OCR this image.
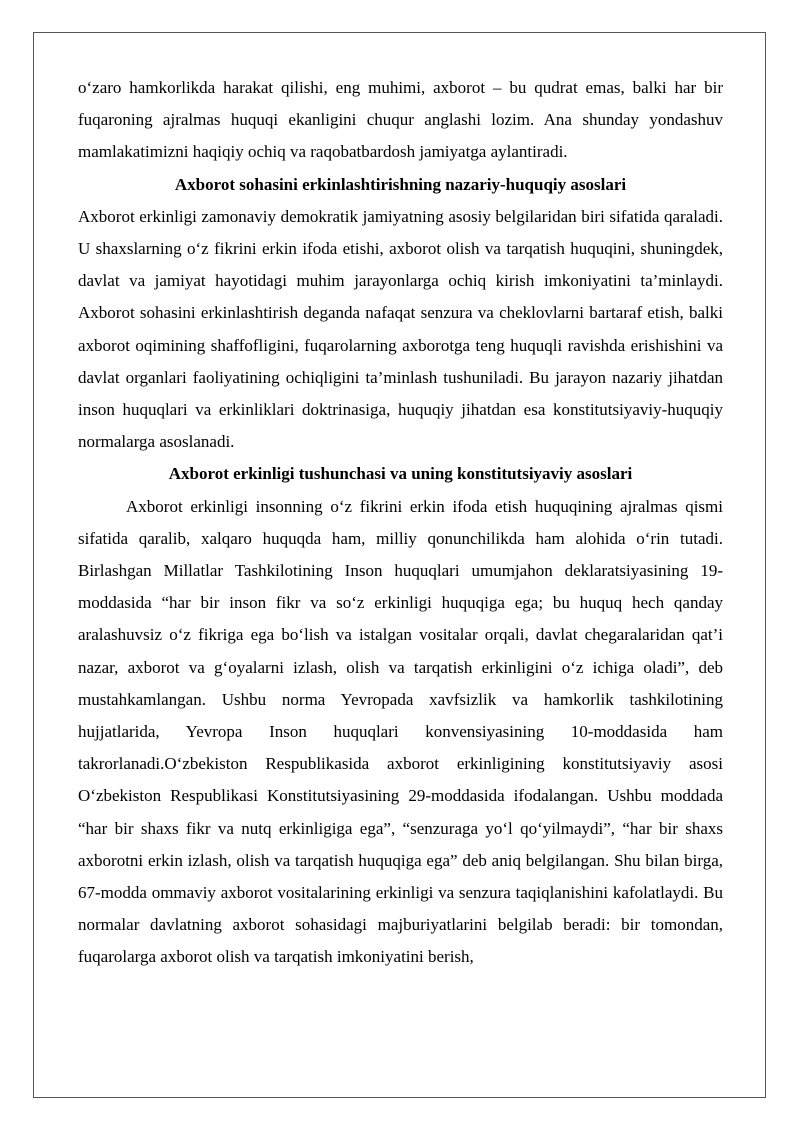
o‘zaro hamkorlikda harakat qilishi, eng muhimi, axborot – bu qudrat emas, balki har bir fuqaroning ajralmas huquqi ekanligini chuqur anglashi lozim. Ana shunday yondashuv mamlakatimizni haqiqiy ochiq va raqobatbardosh jamiyatga aylantiradi.

Axborot sohasini erkinlashtirishning nazariy-huquqiy asoslari

Axborot erkinligi zamonaviy demokratik jamiyatning asosiy belgilaridan biri sifatida qaraladi. U shaxslarning o‘z fikrini erkin ifoda etishi, axborot olish va tarqatish huquqini, shuningdek, davlat va jamiyat hayotidagi muhim jarayonlarga ochiq kirish imkoniyatini ta’minlaydi. Axborot sohasini erkinlashtirish deganda nafaqat senzura va cheklovlarni bartaraf etish, balki axborot oqimining shaffofligini, fuqarolarning axborotga teng huquqli ravishda erishishini va davlat organlari faoliyatining ochiqligini ta’minlash tushuniladi. Bu jarayon nazariy jihatdan inson huquqlari va erkinliklari doktrinasiga, huquqiy jihatdan esa konstitutsiyaviy-huquqiy normalarga asoslanadi.

Axborot erkinligi tushunchasi va uning konstitutsiyaviy asoslari

Axborot erkinligi insonning o‘z fikrini erkin ifoda etish huquqining ajralmas qismi sifatida qaralib, xalqaro huquqda ham, milliy qonunchilikda ham alohida o‘rin tutadi. Birlashgan Millatlar Tashkilotining Inson huquqlari umumjahon deklaratsiyasining 19-moddasida “har bir inson fikr va so‘z erkinligi huquqiga ega; bu huquq hech qanday aralashuvsiz o‘z fikriga ega bo‘lish va istalgan vositalar orqali, davlat chegaralaridan qat’i nazar, axborot va g‘oyalarni izlash, olish va tarqatish erkinligini o‘z ichiga oladi”, deb mustahkamlangan. Ushbu norma Yevropada xavfsizlik va hamkorlik tashkilotining hujjatlarida, Yevropa Inson huquqlari konvensiyasining 10-moddasida ham takrorlanadi.O‘zbekiston Respublikasida axborot erkinligining konstitutsiyaviy asosi O‘zbekiston Respublikasi Konstitutsiyasining 29-moddasida ifodalangan. Ushbu moddada “har bir shaxs fikr va nutq erkinligiga ega”, “senzuraga yo‘l qo‘yilmaydi”, “har bir shaxs axborotni erkin izlash, olish va tarqatish huquqiga ega” deb aniq belgilangan. Shu bilan birga, 67-modda ommaviy axborot vositalarining erkinligi va senzura taqiqlanishini kafolatlaydi. Bu normalar davlatning axborot sohasidagi majburiyatlarini belgilab beradi: bir tomondan, fuqarolarga axborot olish va tarqatish imkoniyatini berish,
